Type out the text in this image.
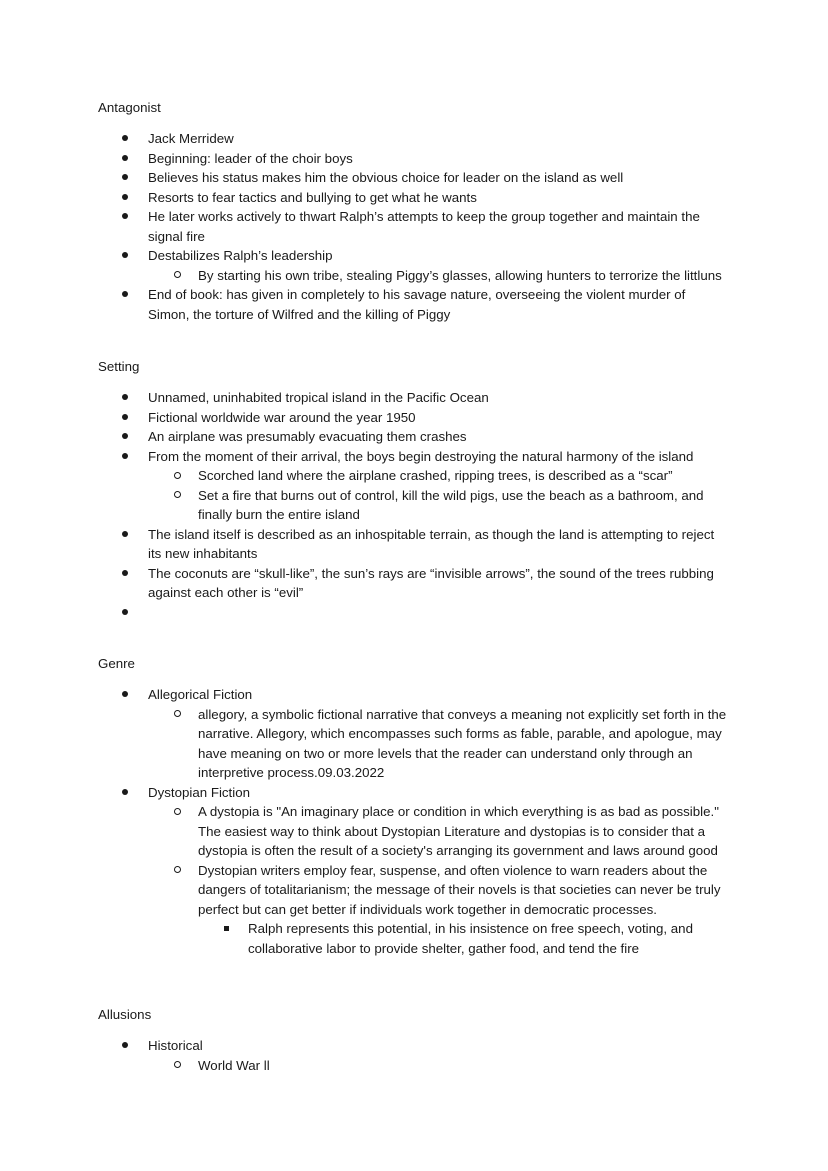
Antagonist
Jack Merridew
Beginning: leader of the choir boys
Believes his status makes him the obvious choice for leader on the island as well
Resorts to fear tactics and bullying to get what he wants
He later works actively to thwart Ralph’s attempts to keep the group together and maintain the signal fire
Destabilizes Ralph’s leadership
By starting his own tribe, stealing Piggy’s glasses, allowing hunters to terrorize the littluns
End of book: has given in completely to his savage nature, overseeing the violent murder of Simon, the torture of Wilfred and the killing of Piggy
Setting
Unnamed, uninhabited tropical island in the Pacific Ocean
Fictional worldwide war around the year 1950
An airplane was presumably evacuating them crashes
From the moment of their arrival, the boys begin destroying the natural harmony of the island
Scorched land where the airplane crashed, ripping trees, is described as a “scar”
Set a fire that burns out of control, kill the wild pigs, use the beach as a bathroom, and finally burn the entire island
The island itself is described as an inhospitable terrain, as though the land is attempting to reject its new inhabitants
The coconuts are “skull-like”, the sun’s rays are “invisible arrows”, the sound of the trees rubbing against each other is “evil”
Genre
Allegorical Fiction
allegory, a symbolic fictional narrative that conveys a meaning not explicitly set forth in the narrative. Allegory, which encompasses such forms as fable, parable, and apologue, may have meaning on two or more levels that the reader can understand only through an interpretive process.09.03.2022
Dystopian Fiction
A dystopia is "An imaginary place or condition in which everything is as bad as possible." The easiest way to think about Dystopian Literature and dystopias is to consider that a dystopia is often the result of a society's arranging its government and laws around good
Dystopian writers employ fear, suspense, and often violence to warn readers about the dangers of totalitarianism; the message of their novels is that societies can never be truly perfect but can get better if individuals work together in democratic processes.
Ralph represents this potential, in his insistence on free speech, voting, and collaborative labor to provide shelter, gather food, and tend the fire
Allusions
Historical
World War ll
